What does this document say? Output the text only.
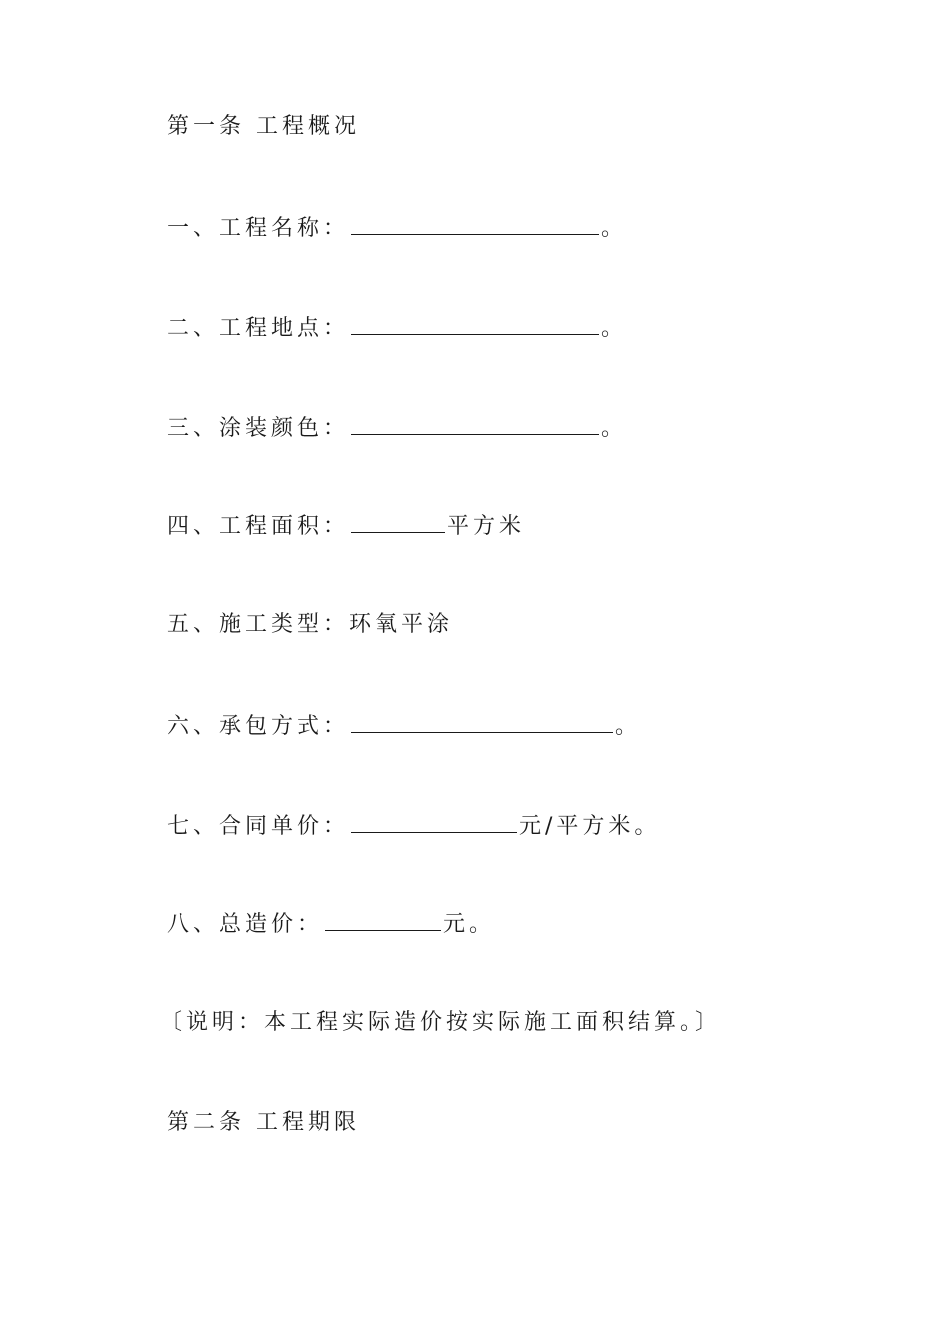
第一条 工程概况
一、工程名称：	。
二、工程地点：	。
三、涂装颜色：	。
四、工程面积：	平方米
五、施工类型：环氧平涂
六、承包方式：	。
七、合同单价：	元/平方米。
八、总造价：	元。
〔说明：本工程实际造价按实际施工面积结算。〕
第二条 工程期限
